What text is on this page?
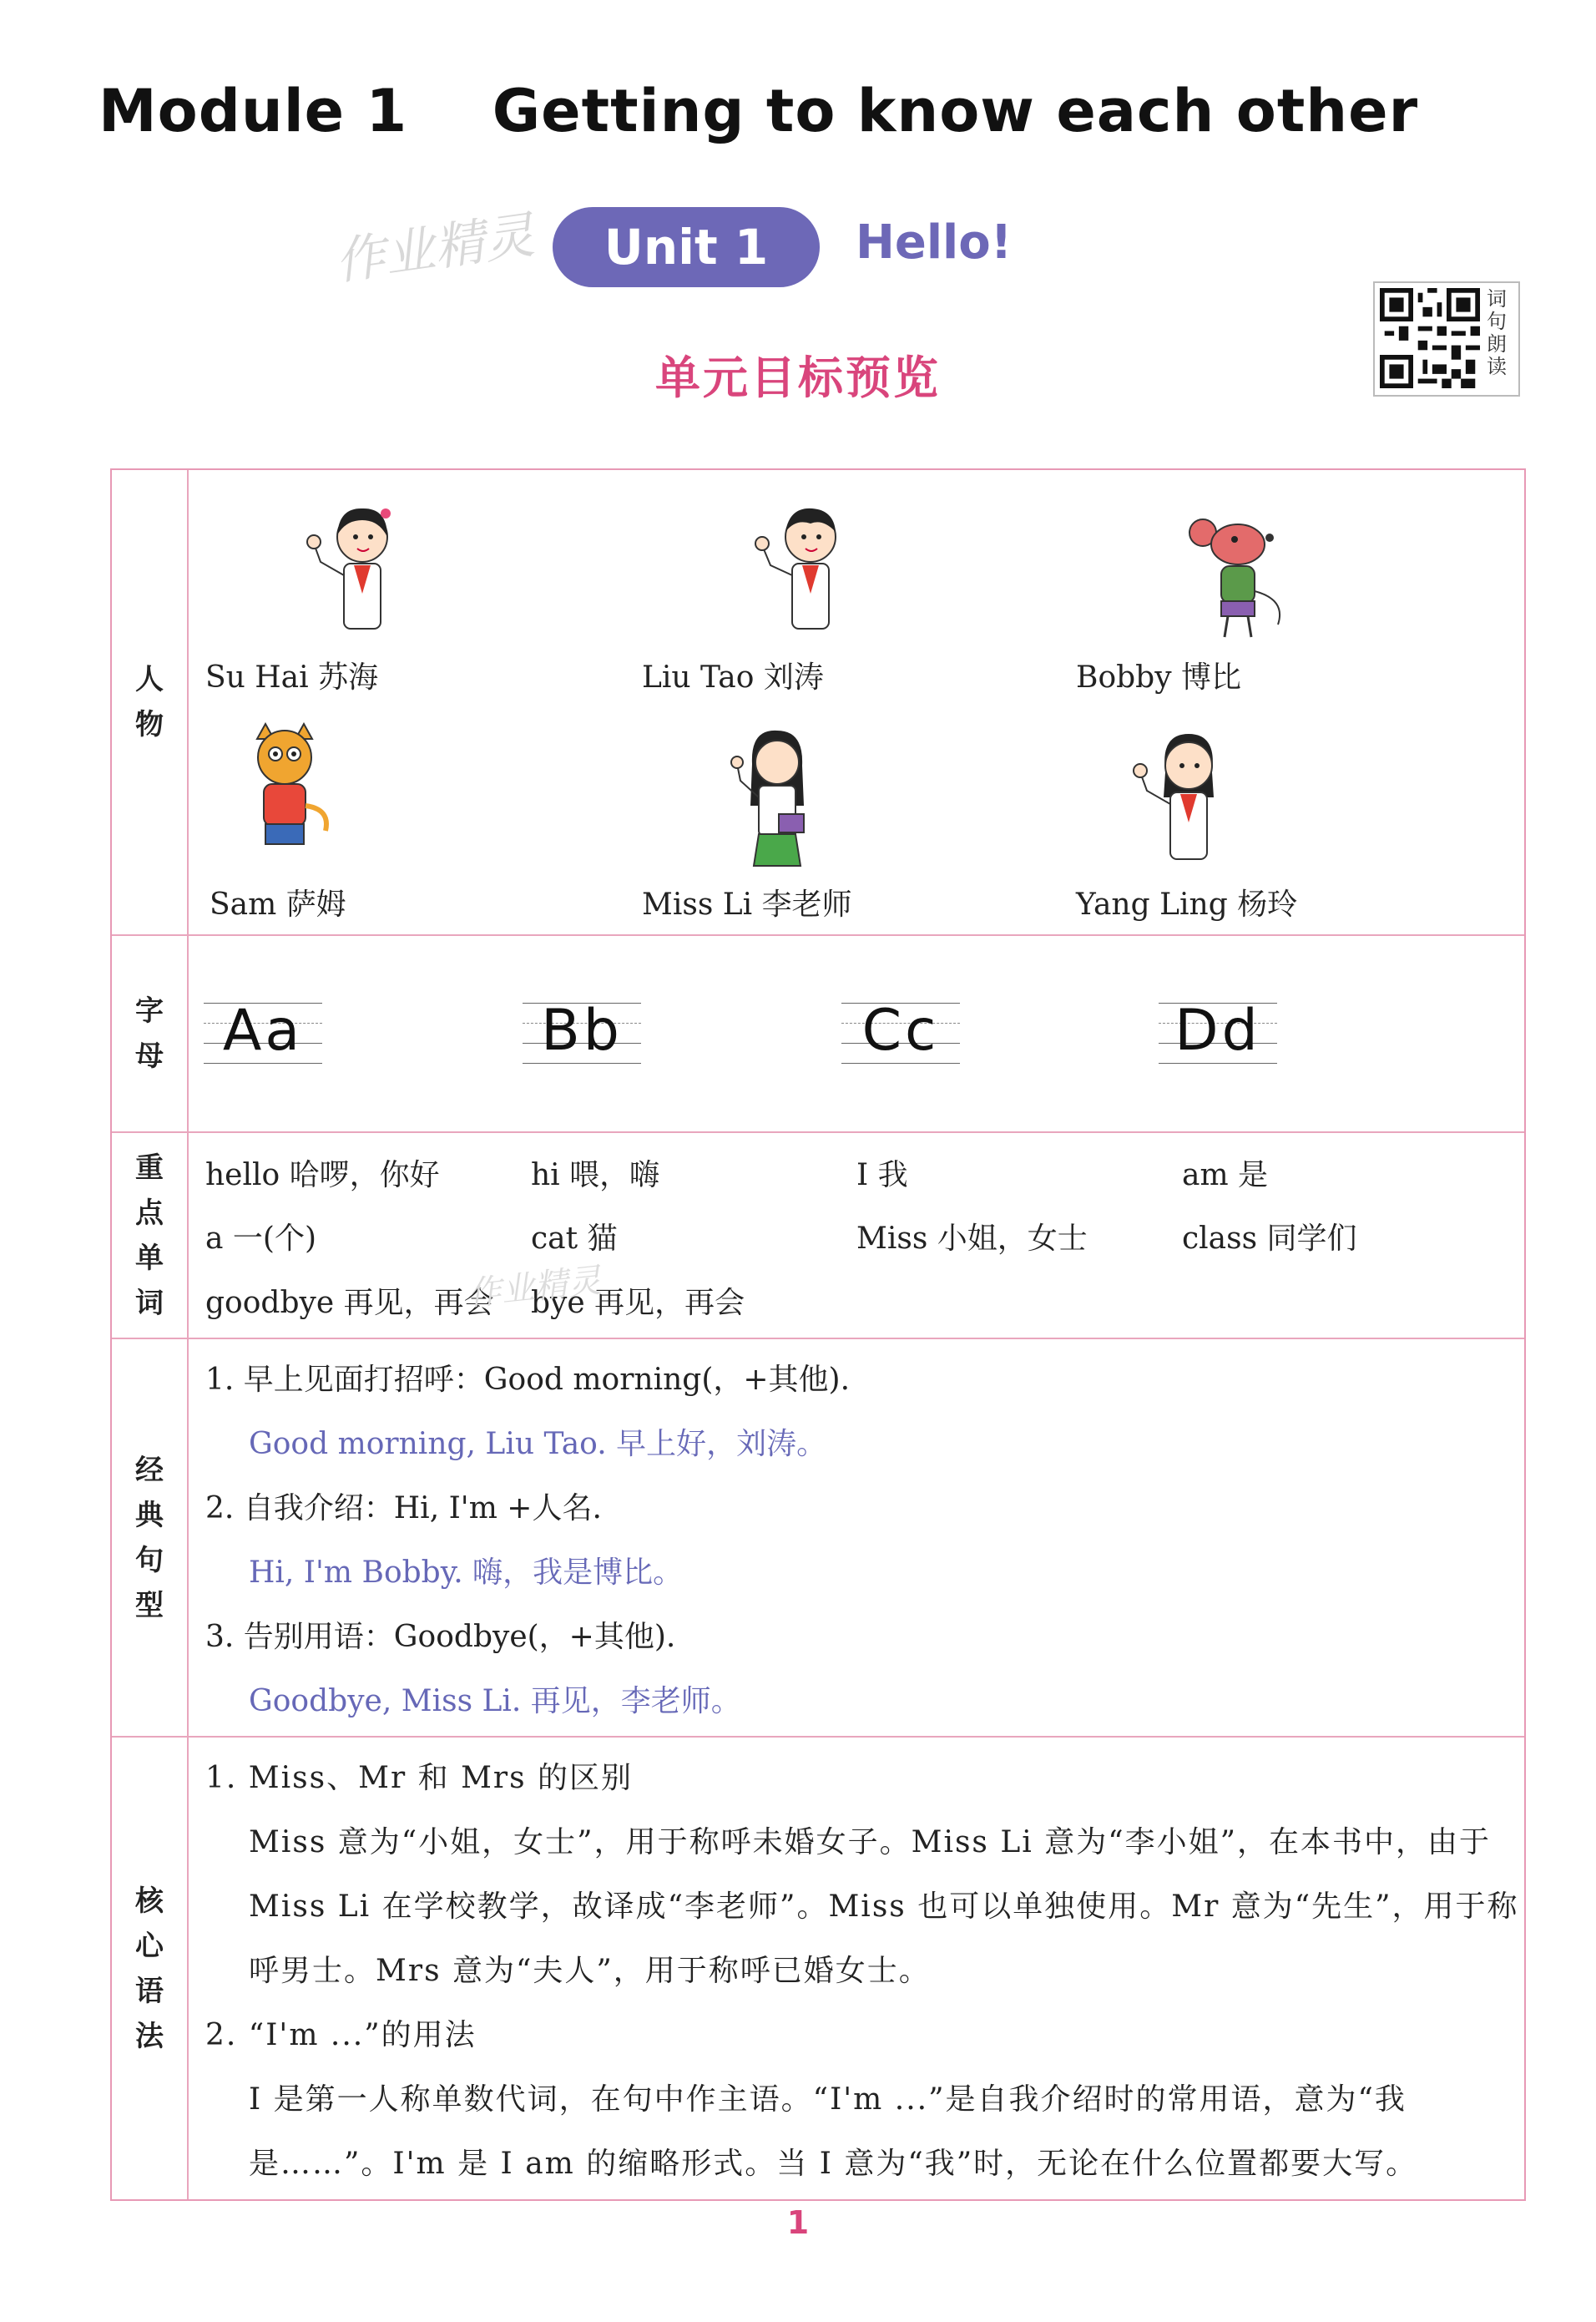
Module 1    Getting to know each other
作业精灵	Unit 1	Hello!
词
句
朗
读
单元目标预览
人
物
Su Hai 苏海	Liu Tao 刘涛	Bobby 博比
Sam 萨姆	Miss Li 李老师	Yang Ling 杨玲
字
母	Aa	Bb	Cc	Dd
重
点
单
词
hello 哈啰，你好	hi 喂，嗨	I 我	am 是
a 一(个)	cat 猫	Miss 小姐，女士	class 同学们
goodbye 再见，再会 bye 再见，再会
经
典
句
型
1. 早上见面打招呼：Good morning(，+其他).
Good morning, Liu Tao. 早上好，刘涛。
2. 自我介绍：Hi, I'm +人名.
Hi, I'm Bobby. 嗨，我是博比。
3. 告别用语：Goodbye(，+其他).
Goodbye, Miss Li. 再见，李老师。
核
心
语
法
1. Miss、Mr 和 Mrs 的区别
Miss 意为“小姐，女士”，用于称呼未婚女子。Miss Li 意为“李小姐”，在本书中，由于
Miss Li 在学校教学，故译成“李老师”。Miss 也可以单独使用。Mr 意为“先生”，用于称
呼男士。Mrs 意为“夫人”，用于称呼已婚女士。
2. “I'm ...”的用法
I 是第一人称单数代词，在句中作主语。“I'm ...”是自我介绍时的常用语，意为“我
是……”。I'm 是 I am 的缩略形式。当 I 意为“我”时，无论在什么位置都要大写。
作业精灵
1
